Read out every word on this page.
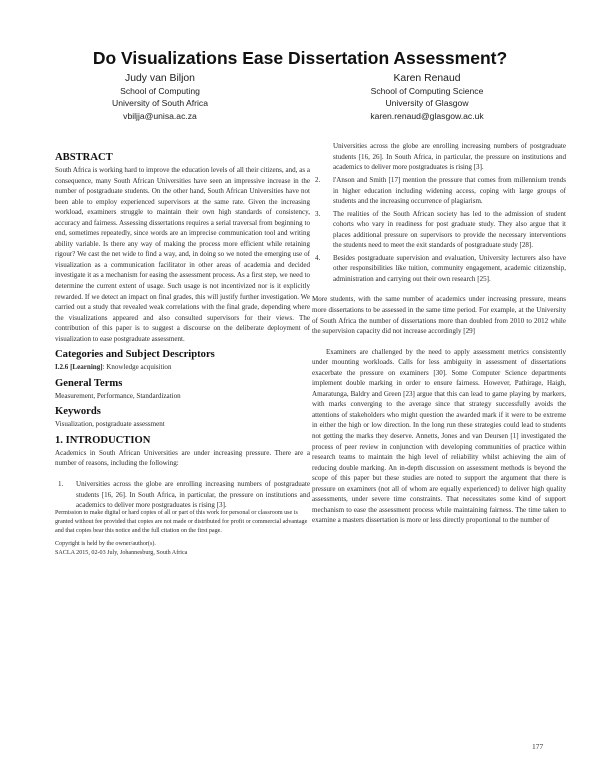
Do Visualizations Ease Dissertation Assessment?
Judy van Biljon
School of Computing
University of South Africa
vbiljja@unisa.ac.za
Karen Renaud
School of Computing Science
University of Glasgow
karen.renaud@glasgow.ac.uk
ABSTRACT

South Africa is working hard to improve the education levels of all their citizens, and, as a consequence, many South African Universities have seen an impressive increase in the number of postgraduate students. On the other hand, South African Universities have not been able to employ experienced supervisors at the same rate. Given the increasing workload, examiners struggle to maintain their own high standards of consistency, accuracy and fairness. Assessing dissertations requires a serial traversal from beginning to end, sometimes repeatedly, since words are an imprecise communication tool and writing ability variable. Is there any way of making the process more efficient while retaining rigour? We cast the net wide to find a way, and, in doing so we noted the emerging use of visualization as a communication facilitator in other areas of academia and decided investigate it as a mechanism for easing the assessment process. As a first step, we need to determine the current extent of usage. Such usage is not incentivized nor is it explicitly rewarded. If we detect an impact on final grades, this will justify further investigation. We carried out a study that revealed weak correlations with the final grade, depending where the visualizations appeared and also consulted supervisors for their views. The contribution of this paper is to suggest a discourse on the deliberate deployment of visualization to ease postgraduate assessment.

Categories and Subject Descriptors

I.2.6 [Learning]: Knowledge acquisition

General Terms

Measurement, Performance, Standardization

Keywords

Visualization, postgraduate assessment

1. INTRODUCTION

Academics in South African Universities are under increasing pressure. There are a number of reasons, including the following:

1. Universities across the globe are enrolling increasing numbers of postgraduate students [16, 26]. In South Africa, in particular, the pressure on institutions and academics to deliver more postgraduates is rising [3].

Permission to make digital or hard copies of all or part of this work for personal or classroom use is granted without fee provided that copies are not made or distributed for profit or commercial advantage and that copies bear this notice and the full citation on the first page.

Copyright is held by the owner/author(s).
SACLA 2015, 02-03 July, Johannesburg, South Africa
Universities across the globe are enrolling increasing numbers of postgraduate students [16, 26]. In South Africa, in particular, the pressure on institutions and academics to deliver more postgraduates is rising [3].
2. l'Anson and Smith [17] mention the pressure that comes from millennium trends in higher education including widening access, coping with large groups of students and the increasing occurrence of plagiarism.
3. The realities of the South African society has led to the admission of student cohorts who vary in readiness for post graduate study. They also argue that it places additional pressure on supervisors to provide the necessary interventions the students need to meet the exit standards of postgraduate study [28].
4. Besides postgraduate supervision and evaluation, University lecturers also have other responsibilities like tuition, community engagement, academic citizenship, administration and carrying out their own research [25].

More students, with the same number of academics under increasing pressure, means more dissertations to be assessed in the same time period. For example, at the University of South Africa the number of dissertations more than doubled from 2010 to 2012 while the supervision capacity did not increase accordingly [29]

Examiners are challenged by the need to apply assessment metrics consistently under mounting workloads. Calls for less ambiguity in assessment of dissertations exacerbate the pressure on examiners [30]. Some Computer Science departments implement double marking in order to ensure fairness. However, Pathirage, Haigh, Amaratunga, Baldry and Green [23] argue that this can lead to game playing by markers, with marks converging to the average since that strategy successfully avoids the attentions of stakeholders who might question the awarded mark if it were to be extreme in either the high or low direction. In the long run these strategies could lead to students not getting the marks they deserve. Annetts, Jones and van Deursen [1] investigated the process of peer review in conjunction with developing communities of practice within research teams to maintain the high level of reliability whilst achieving the aim of reducing double marking. An in-depth discussion on assessment methods is beyond the scope of this paper but these studies are noted to support the argument that there is pressure on examiners (not all of whom are equally experienced) to deliver high quality assessments, under severe time constraints. That necessitates some kind of support mechanism to ease the assessment process while maintaining fairness. The time taken to examine a masters dissertation is more or less directly proportional to the number of

177
